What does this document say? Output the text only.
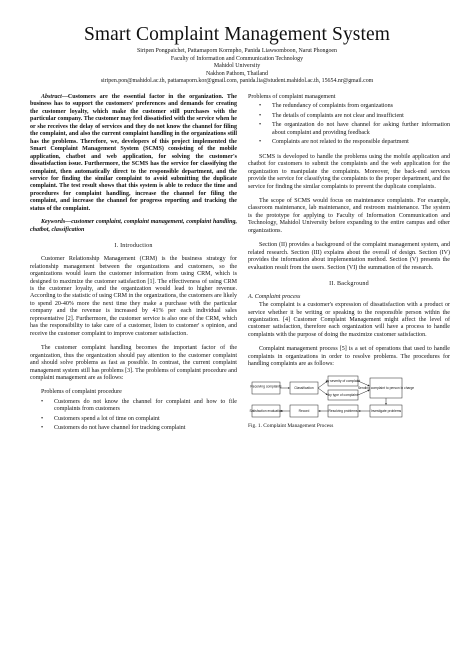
Smart Complaint Management System
Siripen Pongpaichet, Pattamaporn Kormpho, Panida Liawsomboon, Narut Phongoen
Faculty of Information and Communication Technology
Mahidol University
Nakhon Pathom, Thailand
siripen.pon@mahidol.ac.th, pattamaporn.kor@gmail.com, panida.lia@student.mahidol.ac.th, 15654.nr@gmail.com

Abstract—Customers are the essential factor in the organization. The business has to support the customers' preferences and demands for creating the customer loyalty, which make the customer still purchases with the particular company. The customer may feel dissatisfied with the service when he or she receives the delay of services and they do not know the channel for filing the complaint, and also the current complaint handling in the organizations still has the problems. Therefore, we, developers of this project implemented the Smart Complaint Management System (SCMS) consisting of the mobile application, chatbot and web application, for solving the customer's dissatisfaction issue. Furthermore, the SCMS has the service for classifying the complaint, then automatically direct to the responsible department, and the service for finding the similar complaint to avoid submitting the duplicate complaint. The test result shows that this system is able to reduce the time and procedures for complaint handling, increase the channel for filing the complaint, and increase the channel for progress reporting and tracking the status of the complaint.

Keywords—customer complaint, complaint management, complaint handling, chatbot, classification

I. Introduction

Customer Relationship Management (CRM) is the business strategy for relationship management between the organizations and customers, so the organizations would learn the customer information from using CRM, which is designed to maximize the customer satisfaction [1]. The effectiveness of using CRM is the customer loyalty, and the organization would lead to higher revenue. According to the statistic of using CRM in the organizations, the customers are likely to spend 20-40% more the next time they make a purchase with the particular company and the revenue is increased by 41% per each individual sales representative [2]. Furthermore, the customer service is also one of the CRM, which has the responsibility to take care of a customer, listen to customer' s opinion, and receive the customer complaint to improve customer satisfaction.

The customer complaint handling becomes the important factor of the organization, thus the organization should pay attention to the customer complaint and should solve problems as fast as possible. In contrast, the current complaint management system still has problems [3]. The problems of complaint procedure and complaint management are as follows:

Problems of complaint procedure
• Customers do not know the channel for complaint and how to file complaints from customers
• Customers spend a lot of time on complaint
• Customers do not have channel for tracking complaint
Problems of complaint management
• The redundancy of complaints from organizations
• The details of complaints are not clear and insufficient
• The organization do not have channel for asking further information about complaint and providing feedback
• Complaints are not related to the responsible department

SCMS is developed to handle the problems using the mobile application and chatbot for customers to submit the complaints and the web application for the organization to manipulate the complaints. Moreover, the back-end services provide the service for classifying the complaints to the proper department, and the service for finding the similar complaints to prevent the duplicate complaints.

The scope of SCMS would focus on maintenance complaints. For example, classroom maintenance, lab maintenance, and restroom maintenance. The system is the prototype for applying to Faculty of Information Communication and Technology, Mahidol University before expanding to the entire campus and other organizations.

Section (II) provides a background of the complaint management system, and related research. Section (III) explains about the overall of design. Section (IV) provides the information about implementation method. Section (V) presents the evaluation result from the users. Section (VI) the summation of the research.

II. Background
A. Complaint process

The complaint is a customer's expression of dissatisfaction with a product or service whether it be writing or speaking to the responsible person within the organization. [4] Customer Complaint Management might affect the level of customer satisfaction, therefore each organization will have a process to handle complaints with the purpose of doing the maximize customer satisfaction.

Complaint management process [5] is a set of operations that used to handle complaints in organizations in order to resolve problems. The procedures for handling complaints are as follows:

Receiving complaints	Classification
by severity of complaint
by type of complaint
Sending complaint to person in charge
Satisfaction evaluation	Record	Resolving problems	Investigate problems
Fig. 1. Complaint Management Process
